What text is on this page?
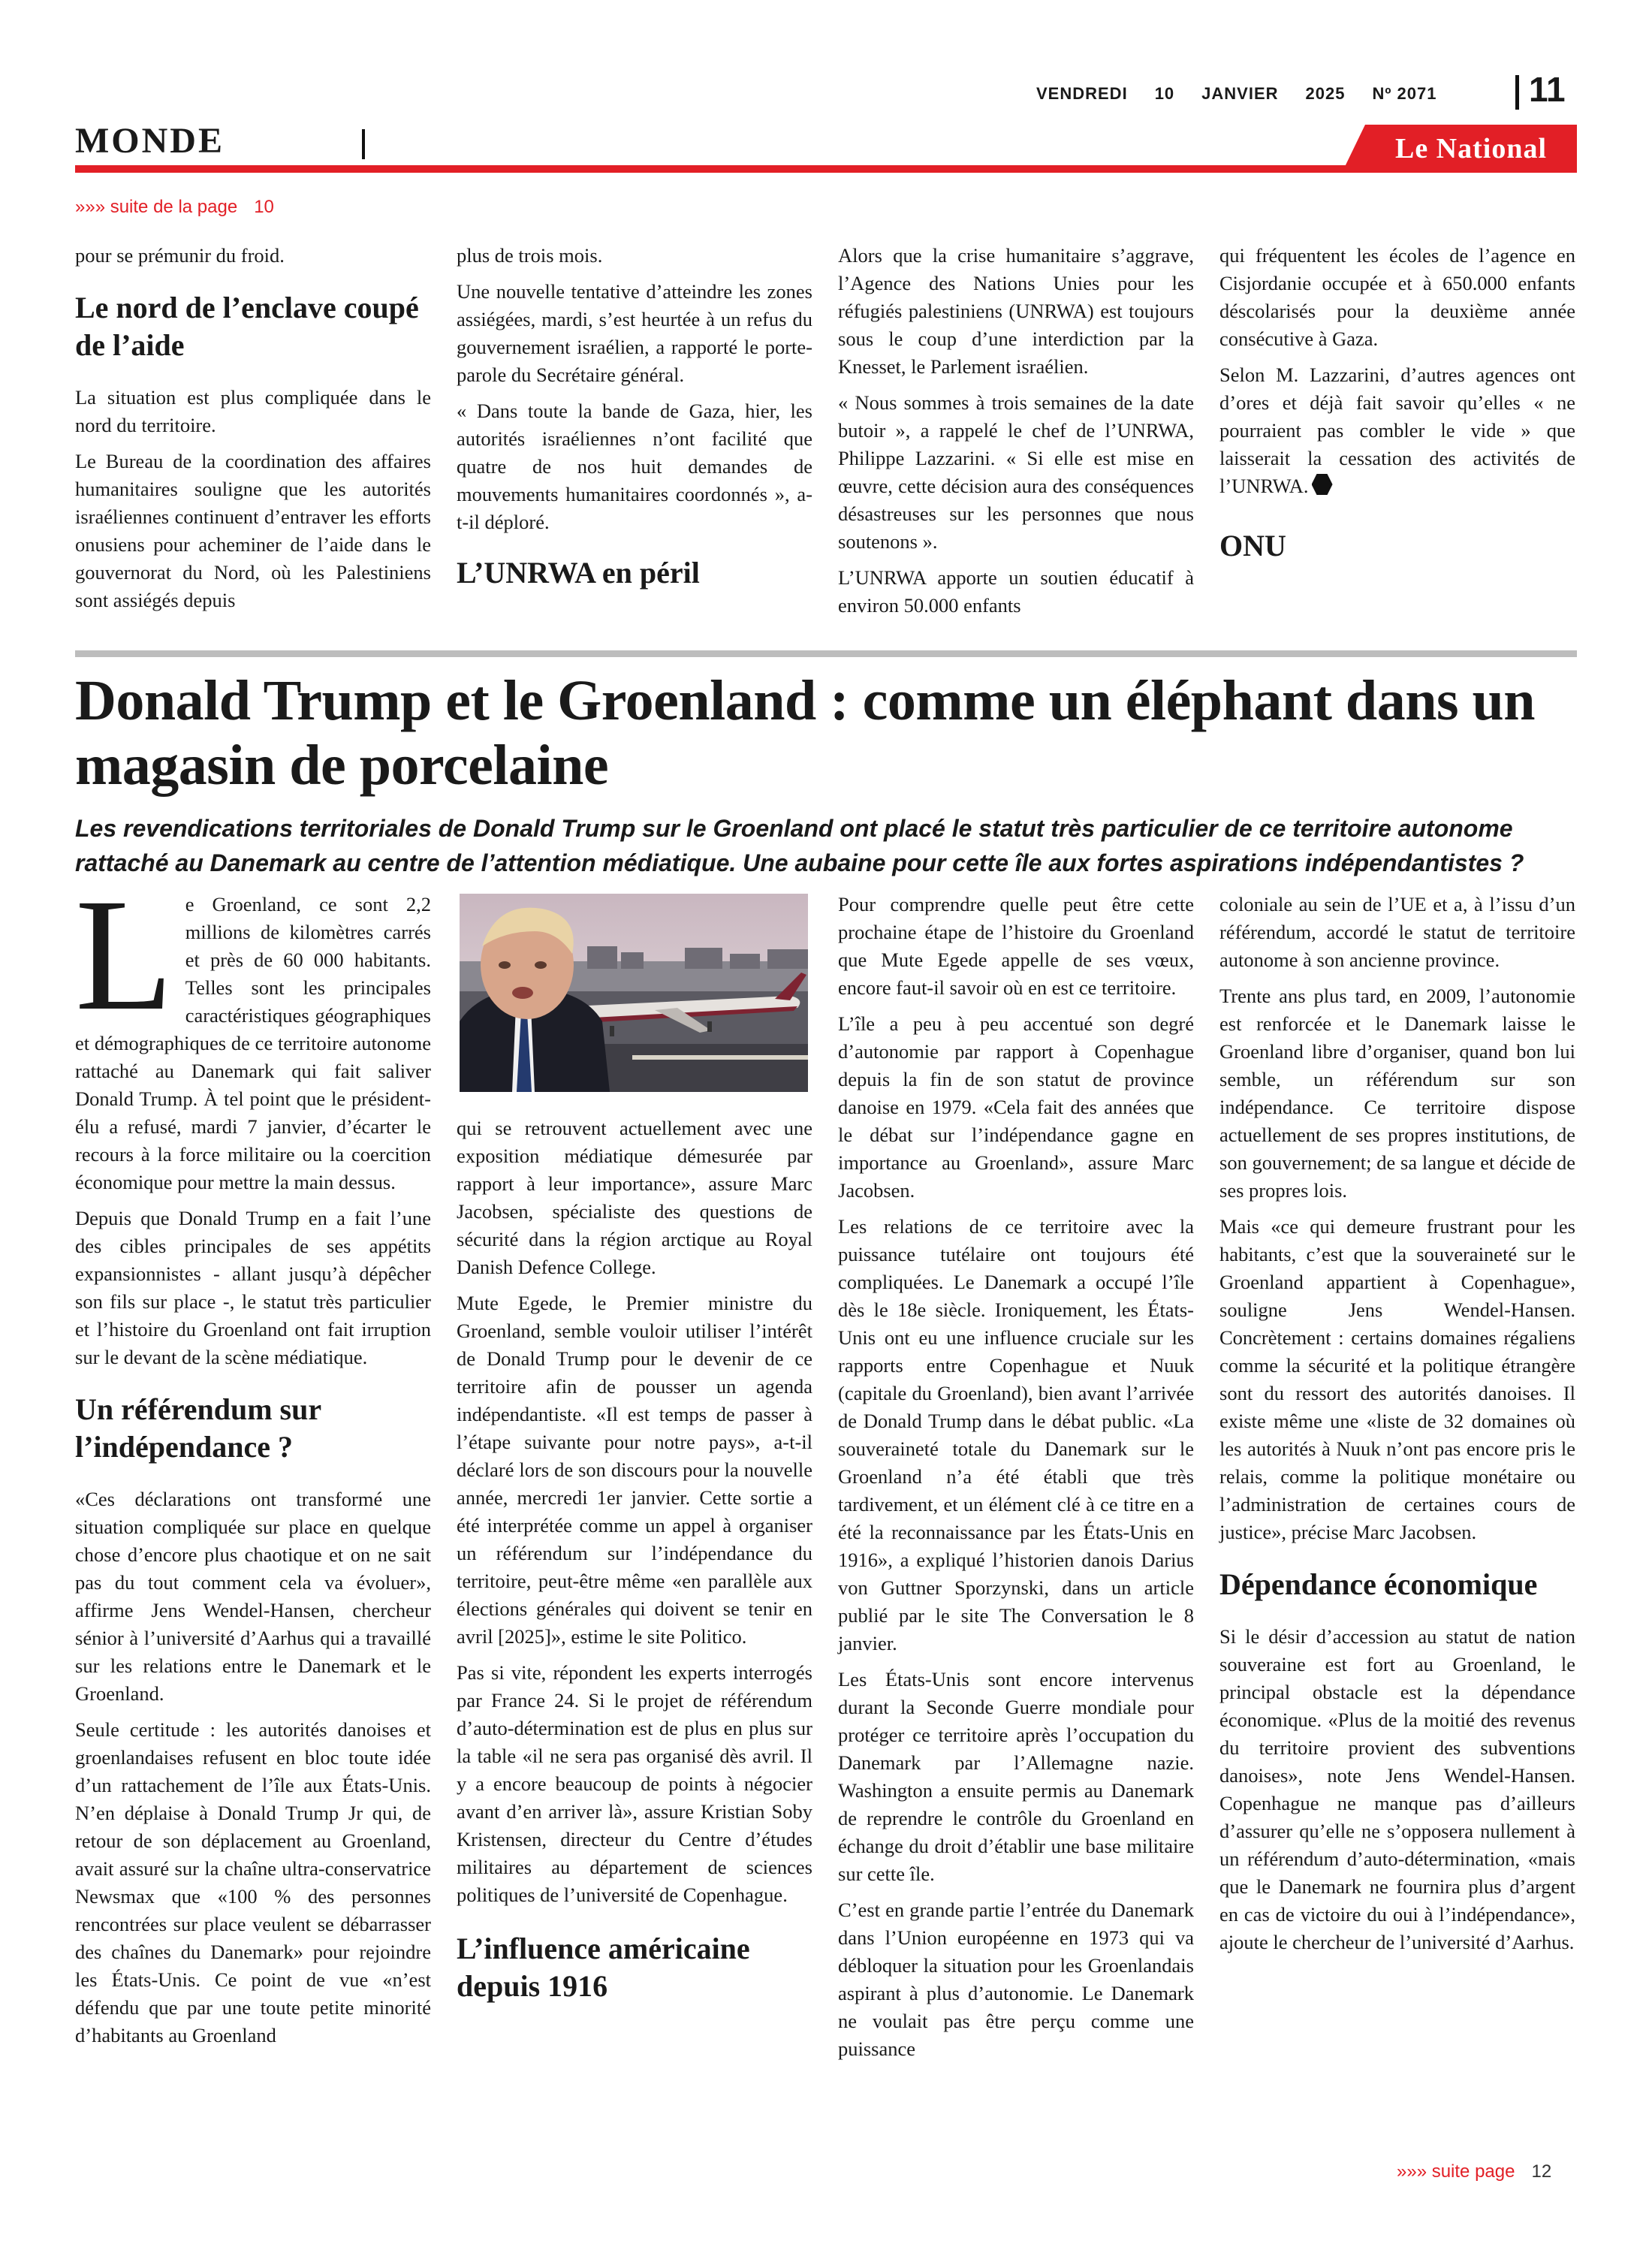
VENDREDI 10 JANVIER 2025 Nº 2071	11
MONDE	Le National
»»» suite de la page 10

pour se prémunir du froid.

Le nord de l’enclave coupé de l’aide

La situation est plus compliquée dans le nord du territoire.

Le Bureau de la coordination des affaires humanitaires souligne que les autorités israéliennes continuent d’entraver les efforts onusiens pour acheminer de l’aide dans le gouvernorat du Nord, où les Palestiniens sont assiégés depuis

plus de trois mois.

Une nouvelle tentative d’atteindre les zones assiégées, mardi, s’est heurtée à un refus du gouvernement israélien, a rapporté le porte-parole du Secrétaire général.

« Dans toute la bande de Gaza, hier, les autorités israéliennes n’ont facilité que quatre de nos huit demandes de mouvements humanitaires coordonnés », a-t-il déploré.

L’UNRWA en péril

Alors que la crise humanitaire s’aggrave, l’Agence des Nations Unies pour les réfugiés palestiniens (UNRWA) est toujours sous le coup d’une interdiction par la Knesset, le Parlement israélien.

« Nous sommes à trois semaines de la date butoir », a rappelé le chef de l’UNRWA, Philippe Lazzarini. « Si elle est mise en œuvre, cette décision aura des conséquences désastreuses sur les personnes que nous soutenons ».

L’UNRWA apporte un soutien éducatif à environ 50.000 enfants

qui fréquentent les écoles de l’agence en Cisjordanie occupée et à 650.000 enfants déscolarisés pour la deuxième année consécutive à Gaza.

Selon M. Lazzarini, d’autres agences ont d’ores et déjà fait savoir qu’elles « ne pourraient pas combler le vide » que laisserait la cessation des activités de l’UNRWA.

ONU
Donald Trump et le Groenland : comme un éléphant dans un magasin de porcelaine
Les revendications territoriales de Donald Trump sur le Groenland ont placé le statut très particulier de ce territoire autonome rattaché au Danemark au centre de l’attention médiatique. Une aubaine pour cette île aux fortes aspirations indépendantistes ?

Le Groenland, ce sont 2,2 millions de kilomètres carrés et près de 60 000 habitants. Telles sont les principales caractéristiques géographiques et démographiques de ce territoire autonome rattaché au Danemark qui fait saliver Donald Trump. À tel point que le président-élu a refusé, mardi 7 janvier, d’écarter le recours à la force militaire ou la coercition économique pour mettre la main dessus.

Depuis que Donald Trump en a fait l’une des cibles principales de ses appétits expansionnistes - allant jusqu’à dépêcher son fils sur place -, le statut très particulier et l’histoire du Groenland ont fait irruption sur le devant de la scène médiatique.

Un référendum sur l’indépendance ?

«Ces déclarations ont transformé une situation compliquée sur place en quelque chose d’encore plus chaotique et on ne sait pas du tout comment cela va évoluer», affirme Jens Wendel-Hansen, chercheur sénior à l’université d’Aarhus qui a travaillé sur les relations entre le Danemark et le Groenland.

Seule certitude : les autorités danoises et groenlandaises refusent en bloc toute idée d’un rattachement de l’île aux États-Unis. N’en déplaise à Donald Trump Jr qui, de retour de son déplacement au Groenland, avait assuré sur la chaîne ultra-conservatrice Newsmax que «100 % des personnes rencontrées sur place veulent se débarrasser des chaînes du Danemark» pour rejoindre les États-Unis. Ce point de vue «n’est défendu que par une toute petite minorité d’habitants au Groenland

qui se retrouvent actuellement avec une exposition médiatique démesurée par rapport à leur importance», assure Marc Jacobsen, spécialiste des questions de sécurité dans la région arctique au Royal Danish Defence College.

Mute Egede, le Premier ministre du Groenland, semble vouloir utiliser l’intérêt de Donald Trump pour le devenir de ce territoire afin de pousser un agenda indépendantiste. «Il est temps de passer à l’étape suivante pour notre pays», a-t-il déclaré lors de son discours pour la nouvelle année, mercredi 1er janvier. Cette sortie a été interprétée comme un appel à organiser un référendum sur l’indépendance du territoire, peut-être même «en parallèle aux élections générales qui doivent se tenir en avril [2025]», estime le site Politico.

Pas si vite, répondent les experts interrogés par France 24. Si le projet de référendum d’auto-détermination est de plus en plus sur la table «il ne sera pas organisé dès avril. Il y a encore beaucoup de points à négocier avant d’en arriver là», assure Kristian Soby Kristensen, directeur du Centre d’études militaires au département de sciences politiques de l’université de Copenhague.

L’influence américaine depuis 1916

Pour comprendre quelle peut être cette prochaine étape de l’histoire du Groenland que Mute Egede appelle de ses vœux, encore faut-il savoir où en est ce territoire.

L’île a peu à peu accentué son degré d’autonomie par rapport à Copenhague depuis la fin de son statut de province danoise en 1979. «Cela fait des années que le débat sur l’indépendance gagne en importance au Groenland», assure Marc Jacobsen.

Les relations de ce territoire avec la puissance tutélaire ont toujours été compliquées. Le Danemark a occupé l’île dès le 18e siècle. Ironiquement, les États-Unis ont eu une influence cruciale sur les rapports entre Copenhague et Nuuk (capitale du Groenland), bien avant l’arrivée de Donald Trump dans le débat public. «La souveraineté totale du Danemark sur le Groenland n’a été établi que très tardivement, et un élément clé à ce titre en a été la reconnaissance par les États-Unis en 1916», a expliqué l’historien danois Darius von Guttner Sporzynski, dans un article publié par le site The Conversation le 8 janvier.

Les États-Unis sont encore intervenus durant la Seconde Guerre mondiale pour protéger ce territoire après l’occupation du Danemark par l’Allemagne nazie. Washington a ensuite permis au Danemark de reprendre le contrôle du Groenland en échange du droit d’établir une base militaire sur cette île.

C’est en grande partie l’entrée du Danemark dans l’Union européenne en 1973 qui va débloquer la situation pour les Groenlandais aspirant à plus d’autonomie. Le Danemark ne voulait pas être perçu comme une puissance

coloniale au sein de l’UE et a, à l’issu d’un référendum, accordé le statut de territoire autonome à son ancienne province.

Trente ans plus tard, en 2009, l’autonomie est renforcée et le Danemark laisse le Groenland libre d’organiser, quand bon lui semble, un référendum sur son indépendance. Ce territoire dispose actuellement de ses propres institutions, de son gouvernement; de sa langue et décide de ses propres lois.

Mais «ce qui demeure frustrant pour les habitants, c’est que la souveraineté sur le Groenland appartient à Copenhague», souligne Jens Wendel-Hansen. Concrètement : certains domaines régaliens comme la sécurité et la politique étrangère sont du ressort des autorités danoises. Il existe même une «liste de 32 domaines où les autorités à Nuuk n’ont pas encore pris le relais, comme la politique monétaire ou l’administration de certaines cours de justice», précise Marc Jacobsen.

Dépendance économique

Si le désir d’accession au statut de nation souveraine est fort au Groenland, le principal obstacle est la dépendance économique. «Plus de la moitié des revenus du territoire provient des subventions danoises», note Jens Wendel-Hansen. Copenhague ne manque pas d’ailleurs d’assurer qu’elle ne s’opposera nullement à un référendum d’auto-détermination, «mais que le Danemark ne fournira plus d’argent en cas de victoire du oui à l’indépendance», ajoute le chercheur de l’université d’Aarhus.

»»» suite page 12
